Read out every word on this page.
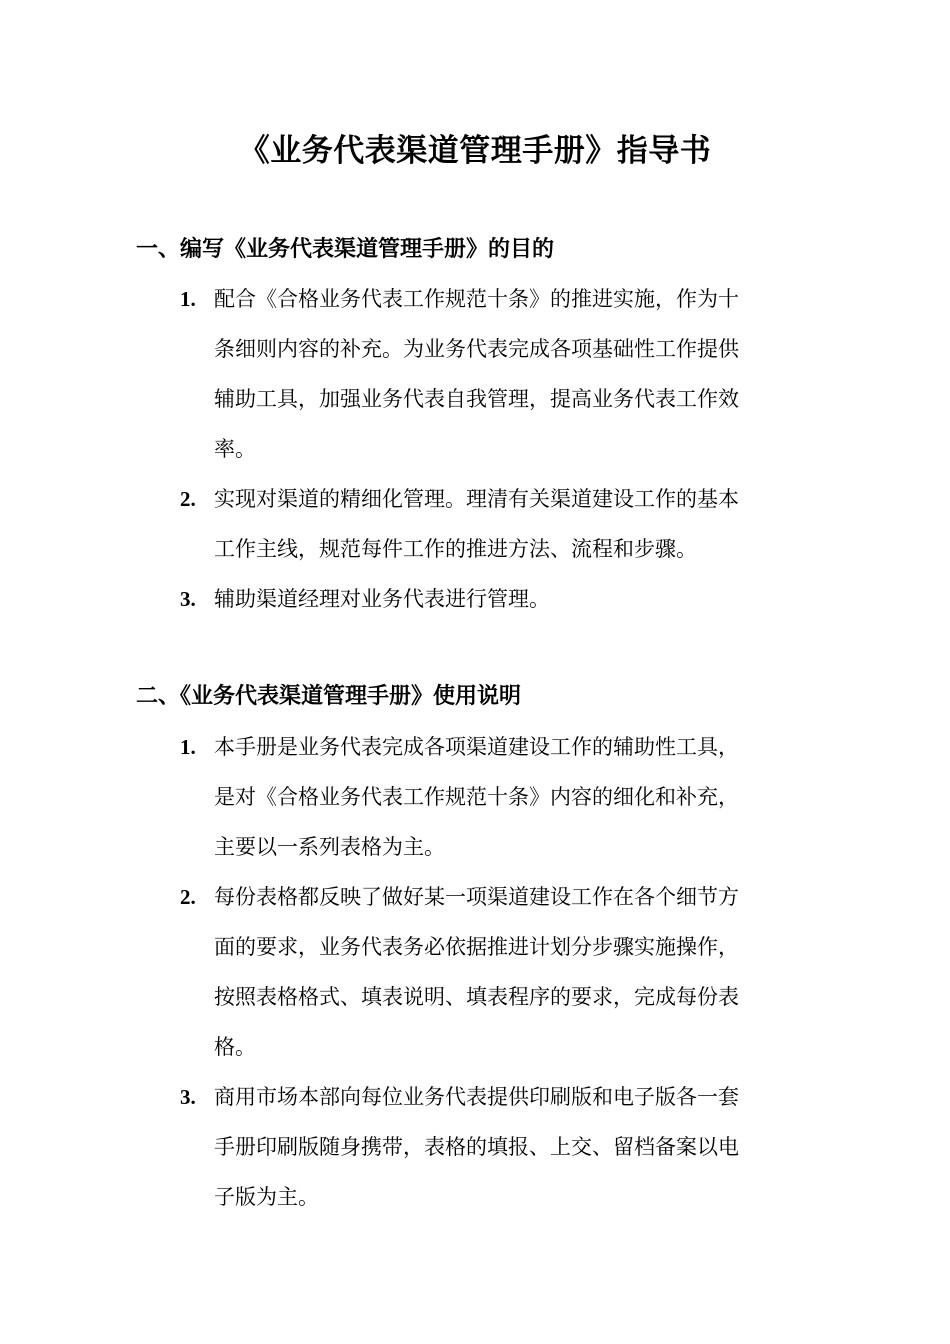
《业务代表渠道管理手册》指导书
一、编写《业务代表渠道管理手册》的目的
1. 配合《合格业务代表工作规范十条》的推进实施，作为十
条细则内容的补充。为业务代表完成各项基础性工作提供
辅助工具，加强业务代表自我管理，提高业务代表工作效
率。
2. 实现对渠道的精细化管理。理清有关渠道建设工作的基本
工作主线，规范每件工作的推进方法、流程和步骤。
3. 辅助渠道经理对业务代表进行管理。
二、《业务代表渠道管理手册》使用说明
1. 本手册是业务代表完成各项渠道建设工作的辅助性工具，
是对《合格业务代表工作规范十条》内容的细化和补充，
主要以一系列表格为主。
2. 每份表格都反映了做好某一项渠道建设工作在各个细节方
面的要求，业务代表务必依据推进计划分步骤实施操作，
按照表格格式、填表说明、填表程序的要求，完成每份表
格。
3. 商用市场本部向每位业务代表提供印刷版和电子版各一套
手册印刷版随身携带，表格的填报、上交、留档备案以电
子版为主。
